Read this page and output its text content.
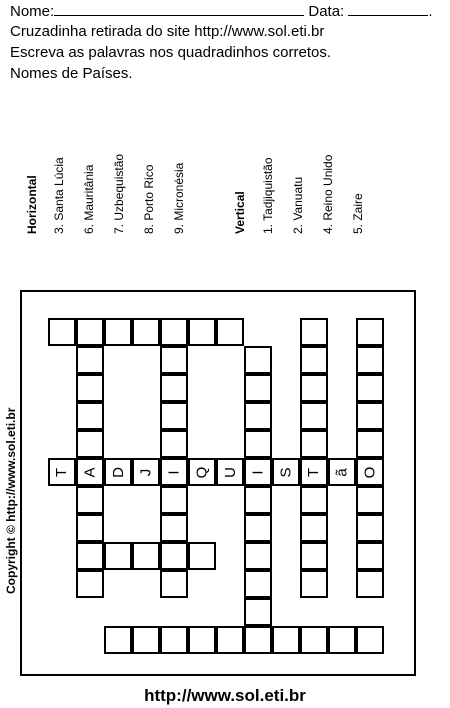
Nome:	Data:	.
Cruzadinha retirada do site http://www.sol.eti.br
Escreva as palavras nos quadradinhos corretos.
Nomes de Países.
Horizontal 3. Santa Lúcia 6. Mauritânia 7. Uzbequistão 8. Porto Rico 9. Micronésia	Vertical 1. Tadjiquistão 2. Vanuatu 4. Reino Unido 5. Zaire
T A D J I Q U I S T ã O
Copyright © http://www.sol.eti.br
http://www.sol.eti.br
